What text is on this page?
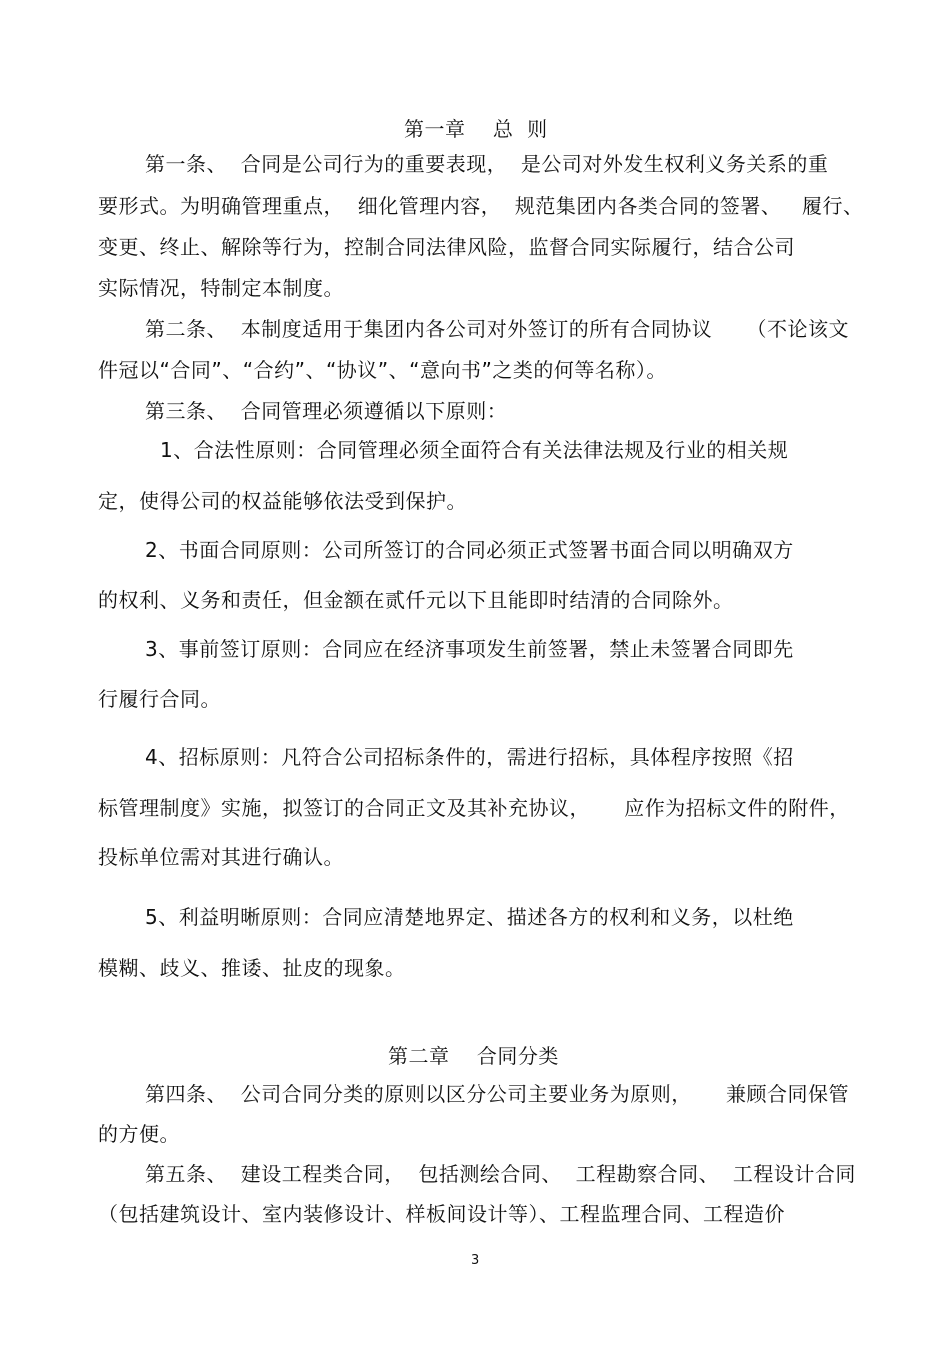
第一章    总  则
第一条、  合同是公司行为的重要表现，  是公司对外发生权利义务关系的重
要形式。为明确管理重点，  细化管理内容，  规范集团内各类合同的签署、   履行、
变更、终止、解除等行为，控制合同法律风险，监督合同实际履行，结合公司
实际情况，特制定本制度。
第二条、  本制度适用于集团内各公司对外签订的所有合同协议     （不论该文
件冠以“合同”、“合约”、“协议”、“意向书”之类的何等名称）。
第三条、  合同管理必须遵循以下原则：
1、合法性原则：合同管理必须全面符合有关法律法规及行业的相关规
定，使得公司的权益能够依法受到保护。
2、书面合同原则：公司所签订的合同必须正式签署书面合同以明确双方
的权利、义务和责任，但金额在贰仟元以下且能即时结清的合同除外。
3、事前签订原则：合同应在经济事项发生前签署，禁止未签署合同即先
行履行合同。
4、招标原则：凡符合公司招标条件的，需进行招标，具体程序按照《招
标管理制度》实施，拟签订的合同正文及其补充协议，     应作为招标文件的附件，
投标单位需对其进行确认。
5、利益明晰原则：合同应清楚地界定、描述各方的权利和义务，以杜绝
模糊、歧义、推诿、扯皮的现象。
第二章    合同分类
第四条、  公司合同分类的原则以区分公司主要业务为原则，     兼顾合同保管
的方便。
第五条、  建设工程类合同，  包括测绘合同、  工程勘察合同、  工程设计合同
（包括建筑设计、室内装修设计、样板间设计等）、工程监理合同、工程造价
3
